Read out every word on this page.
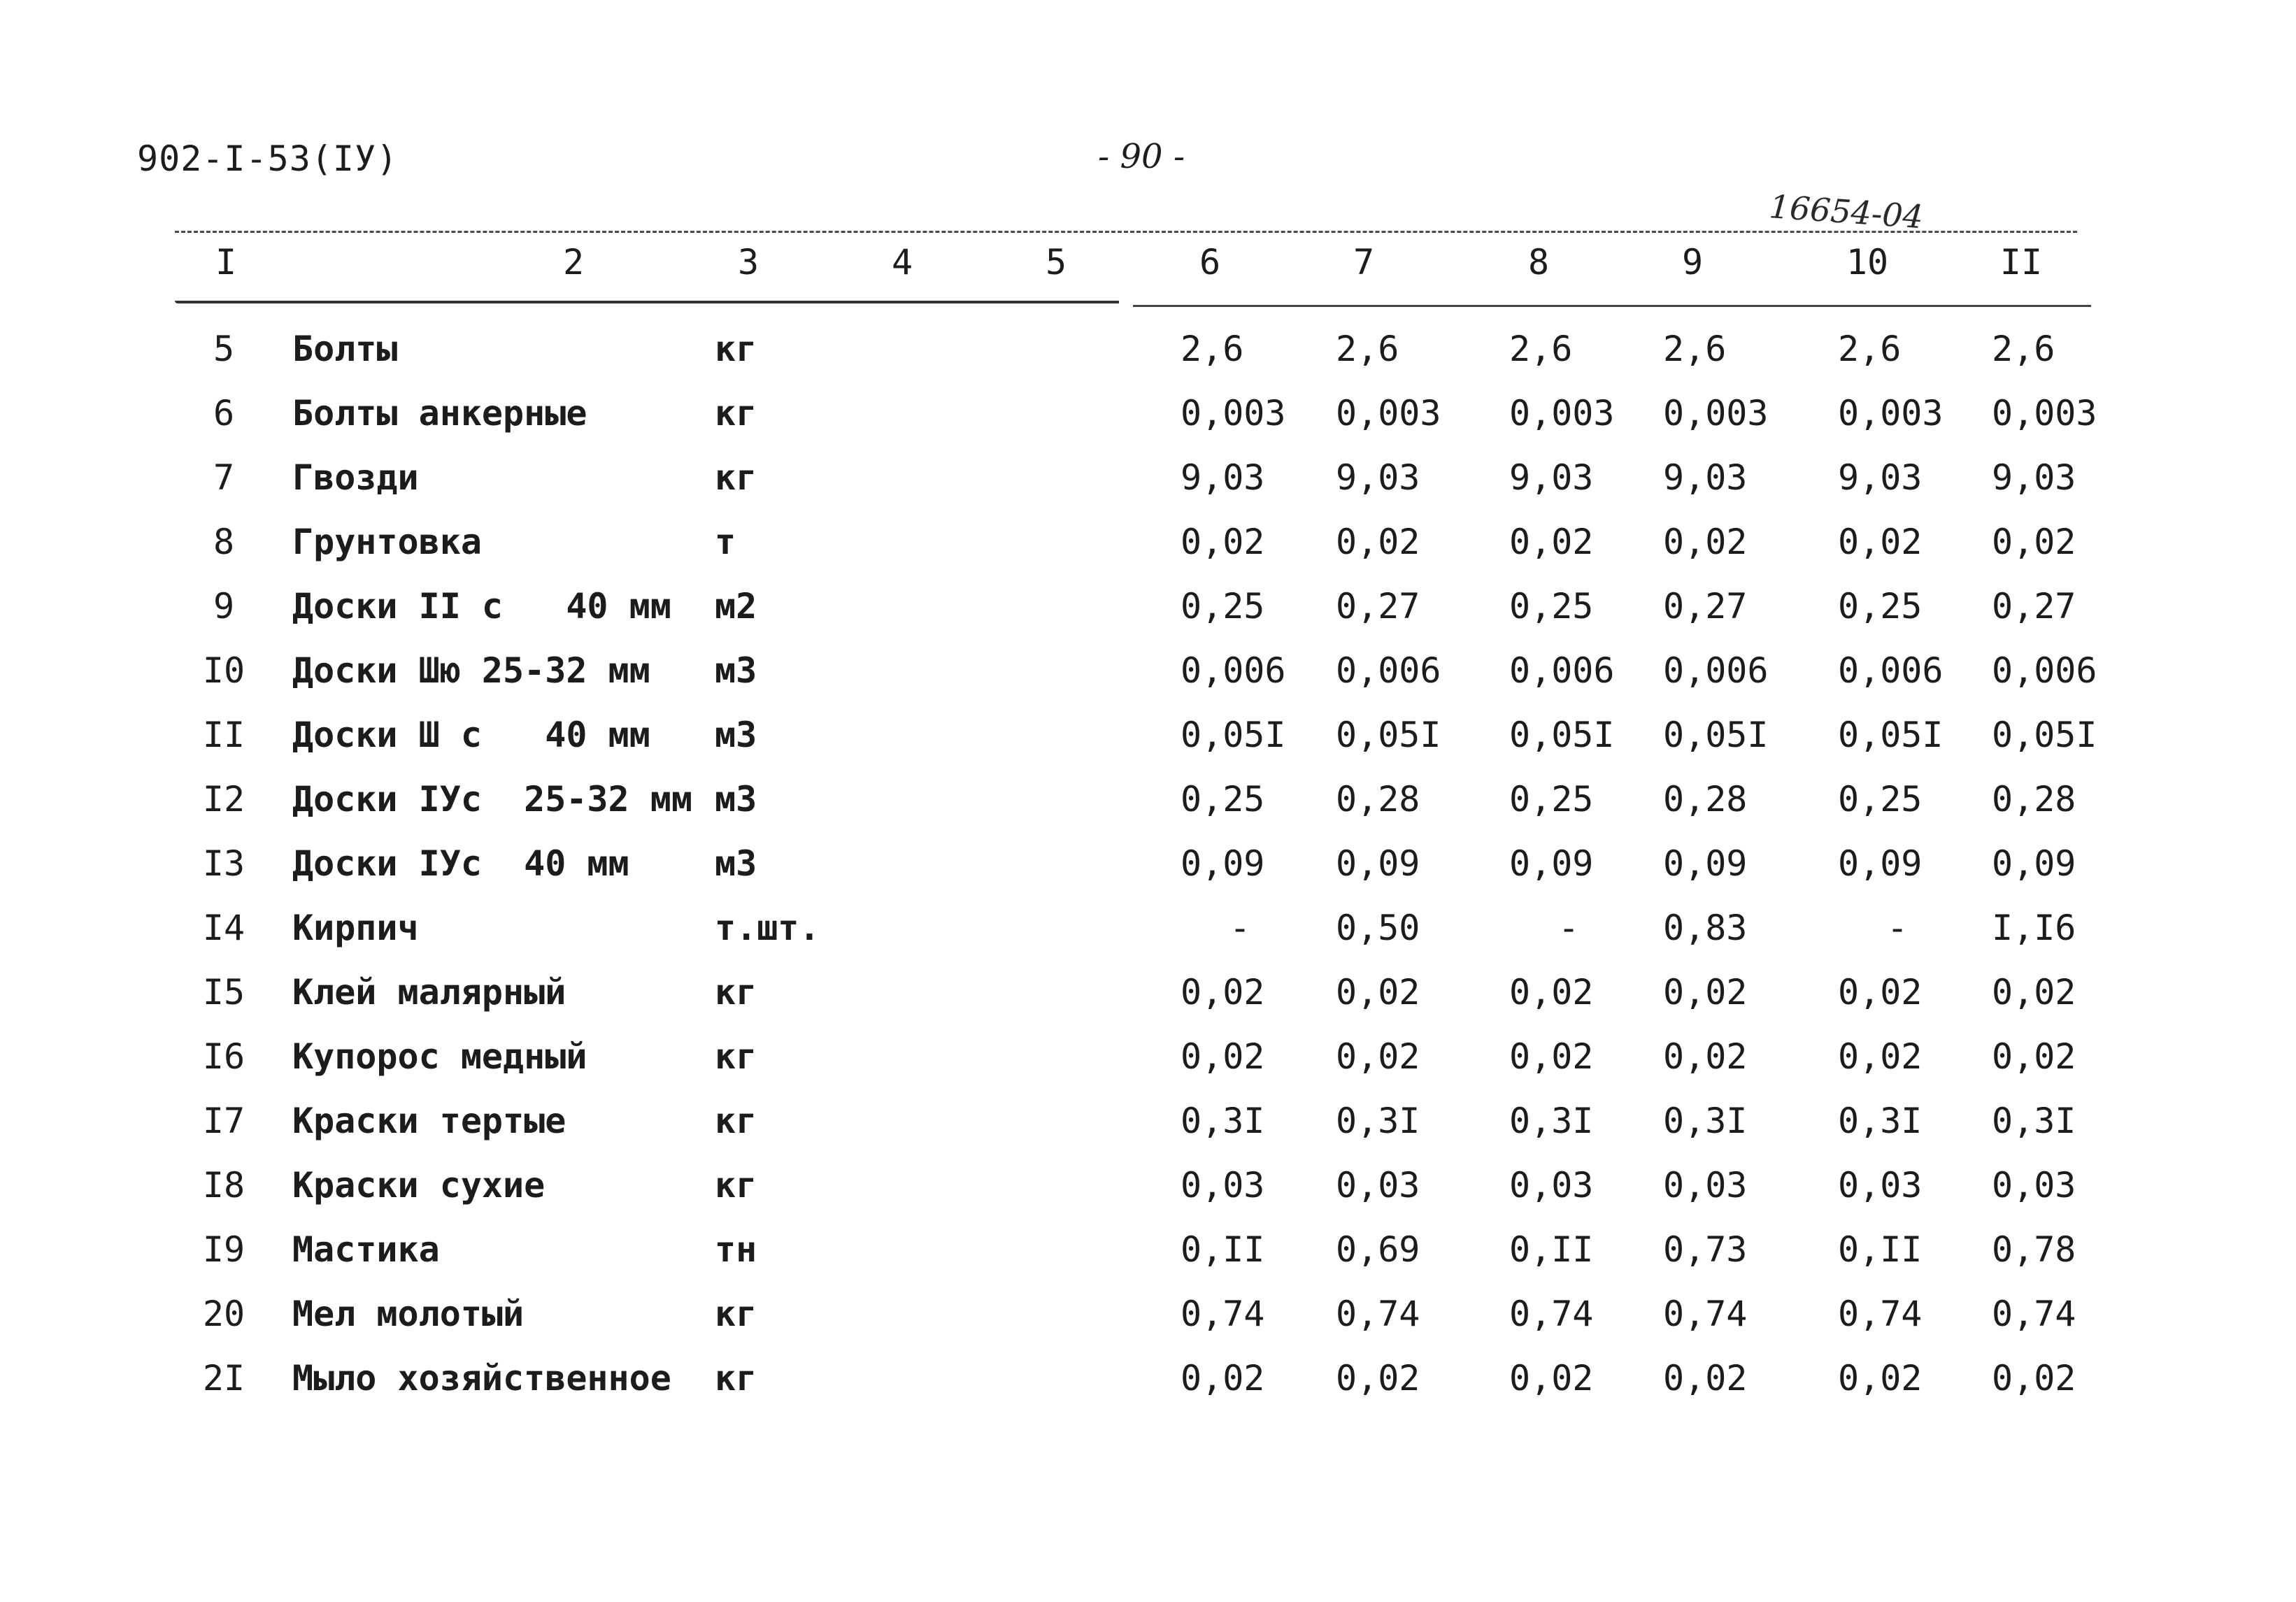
902-I-53(IУ)	- 90 -
16654-04
I	2	3	4	5	6	7	8	9	10	II
5	Болты	кг	2,6	2,6	2,6	2,6	2,6	2,6
6	Болты анкерные	кг	0,003 0,003 0,003 0,003 0,003 0,003
7	Гвозди	кг	9,03 9,03	9,03 9,03	9,03 9,03
8	Грунтовка	т	0,02 0,02	0,02 0,02	0,02 0,02
9	Доски II с   40 мм м2	0,25 0,27	0,25 0,27	0,25 0,27
I0	Доски Шю 25-32 мм м3	0,006 0,006 0,006 0,006 0,006 0,006
II	Доски Ш с   40 мм м3	0,05I 0,05I 0,05I 0,05I 0,05I 0,05I
I2	Доски IУс  25-32 мм м3	0,25 0,28	0,25 0,28	0,25 0,28
I3	Доски IУс  40 мм м3	0,09 0,09	0,09 0,09	0,09 0,09
I4	Кирпич	т.шт.	-	0,50	-	0,83	-	I,I6
I5	Клей малярный	кг	0,02 0,02	0,02 0,02	0,02 0,02
I6	Купорос медный	кг	0,02 0,02	0,02 0,02	0,02 0,02
I7	Краски тертые	кг	0,3I 0,3I	0,3I 0,3I	0,3I 0,3I
I8	Краски сухие	кг	0,03 0,03	0,03 0,03	0,03 0,03
I9	Мастика	тн	0,II 0,69	0,II 0,73	0,II 0,78
20	Мел молотый	кг	0,74 0,74	0,74 0,74	0,74 0,74
2I	Мыло хозяйственное кг	0,02 0,02	0,02 0,02	0,02 0,02
